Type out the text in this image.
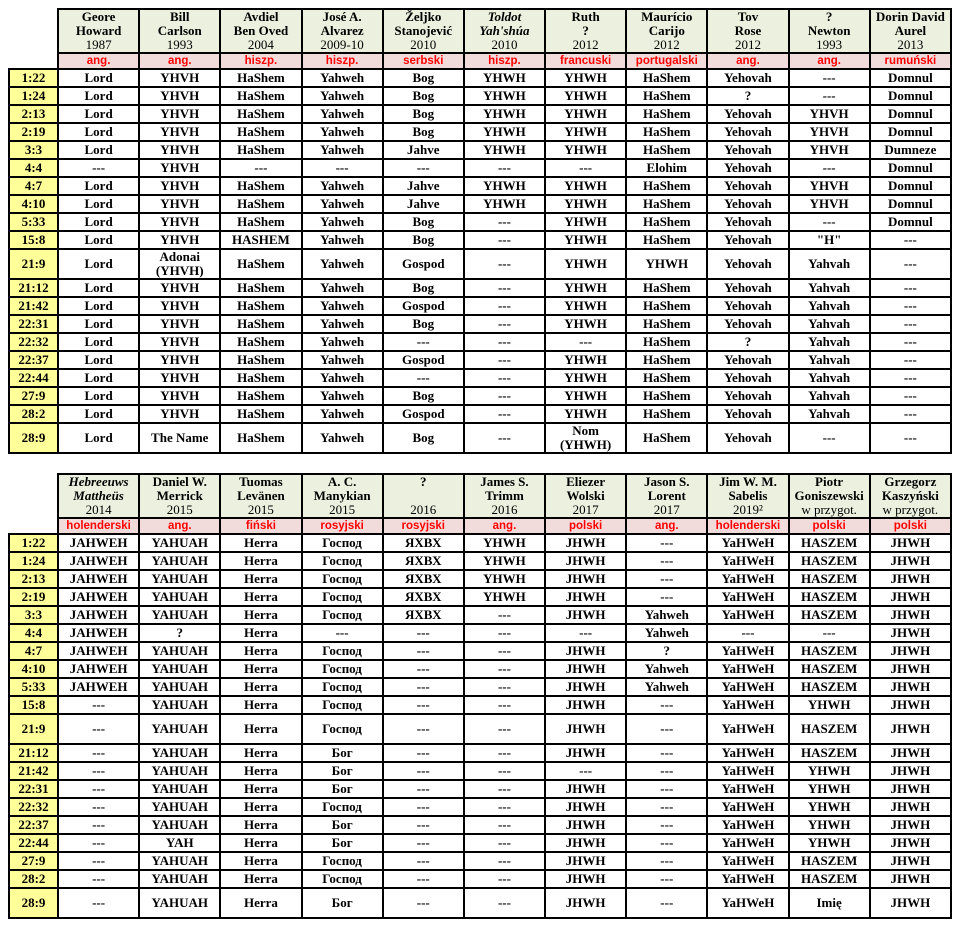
	Geore
Howard
1987	Bill
Carlson
1993	Avdiel
Ben Oved
2004	José A.
Alvarez
2009-10	Željko
Stanojević
2010	Toldot
Yah'shúa
2010	Ruth
?
2012	Maurício
Carijo
2012	Tov
Rose
2012	?
Newton
1993	Dorin David
Aurel
2013

	ang.	ang.	hiszp.	hiszp.	serbski	hiszp.	francuski	portugalski	ang.	ang.	rumuński
1:22	Lord	YHVH	HaShem	Yahweh	Bog	YHWH	YHWH	HaShem	Yehovah	---	Domnul
1:24	Lord	YHVH	HaShem	Yahweh	Bog	YHWH	YHWH	HaShem	?	---	Domnul
2:13	Lord	YHVH	HaShem	Yahweh	Bog	YHWH	YHWH	HaShem	Yehovah	YHVH	Domnul
2:19	Lord	YHVH	HaShem	Yahweh	Bog	YHWH	YHWH	HaShem	Yehovah	YHVH	Domnul
3:3	Lord	YHVH	HaShem	Yahweh	Jahve	YHWH	YHWH	HaShem	Yehovah	YHVH	Dumneze
4:4	---	YHVH	---	---	---	---	---	Elohim	Yehovah	---	Domnul
4:7	Lord	YHVH	HaShem	Yahweh	Jahve	YHWH	YHWH	HaShem	Yehovah	YHVH	Domnul
4:10	Lord	YHVH	HaShem	Yahweh	Jahve	YHWH	YHWH	HaShem	Yehovah	YHVH	Domnul
5:33	Lord	YHVH	HaShem	Yahweh	Bog	---	YHWH	HaShem	Yehovah	---	Domnul
15:8	Lord	YHVH	HASHEM	Yahweh	Bog	---	YHWH	HaShem	Yehovah	"H"	---
21:9	Lord	Adonai (YHVH)	HaShem	Yahweh	Gospod	---	YHWH	YHWH	Yehovah	Yahvah	---
21:12	Lord	YHVH	HaShem	Yahweh	Bog	---	YHWH	HaShem	Yehovah	Yahvah	---
21:42	Lord	YHVH	HaShem	Yahweh	Gospod	---	YHWH	HaShem	Yehovah	Yahvah	---
22:31	Lord	YHVH	HaShem	Yahweh	Bog	---	YHWH	HaShem	Yehovah	Yahvah	---
22:32	Lord	YHVH	HaShem	Yahweh	---	---	---	HaShem	?	Yahvah	---
22:37	Lord	YHVH	HaShem	Yahweh	Gospod	---	YHWH	HaShem	Yehovah	Yahvah	---
22:44	Lord	YHVH	HaShem	Yahweh	---	---	YHWH	HaShem	Yehovah	Yahvah	---
27:9	Lord	YHVH	HaShem	Yahweh	Bog	---	YHWH	HaShem	Yehovah	Yahvah	---
28:2	Lord	YHVH	HaShem	Yahweh	Gospod	---	YHWH	HaShem	Yehovah	Yahvah	---
28:9	Lord	The Name	HaShem	Yahweh	Bog	---	Nom (YHWH)	HaShem	Yehovah	---	---

	Hebreeuws
Mattheüs
2014	Daniel W.
Merrick
2015	Tuomas
Levänen
2015	A. C.
Manykian
2015	?
2016	James S.
Trimm
2016	Eliezer
Wolski
2017	Jason S.
Lorent
2017	Jim W. M.
Sabelis
2019²	Piotr
Goniszewski
w przygot.	Grzegorz
Kaszyński
w przygot.

	holenderski	ang.	fiński	rosyjski	rosyjski	ang.	polski	ang.	holenderski	polski	polski
1:22	JAHWEH	YAHUAH	Herra	Господ	ЯХВХ	YHWH	JHWH	---	YaHWeH	HASZEM	JHWH
1:24	JAHWEH	YAHUAH	Herra	Господ	ЯХВХ	YHWH	JHWH	---	YaHWeH	HASZEM	JHWH
2:13	JAHWEH	YAHUAH	Herra	Господ	ЯХВХ	YHWH	JHWH	---	YaHWeH	HASZEM	JHWH
2:19	JAHWEH	YAHUAH	Herra	Господ	ЯХВХ	YHWH	JHWH	---	YaHWeH	HASZEM	JHWH
3:3	JAHWEH	YAHUAH	Herra	Господ	ЯХВХ	---	JHWH	Yahweh	YaHWeH	HASZEM	JHWH
4:4	JAHWEH	?	Herra	---	---	---	---	Yahweh	---	---	JHWH
4:7	JAHWEH	YAHUAH	Herra	Господ	---	---	JHWH	?	YaHWeH	HASZEM	JHWH
4:10	JAHWEH	YAHUAH	Herra	Господ	---	---	JHWH	Yahweh	YaHWeH	HASZEM	JHWH
5:33	JAHWEH	YAHUAH	Herra	Господ	---	---	JHWH	Yahweh	YaHWeH	HASZEM	JHWH
15:8	---	YAHUAH	Herra	Господ	---	---	JHWH	---	YaHWeH	YHWH	JHWH
21:9	---	YAHUAH	Herra	Господ	---	---	JHWH	---	YaHWeH	HASZEM	JHWH
21:12	---	YAHUAH	Herra	Бог	---	---	JHWH	---	YaHWeH	HASZEM	JHWH
21:42	---	YAHUAH	Herra	Бог	---	---	---	---	YaHWeH	YHWH	JHWH
22:31	---	YAHUAH	Herra	Бог	---	---	JHWH	---	YaHWeH	YHWH	JHWH
22:32	---	YAHUAH	Herra	Господ	---	---	JHWH	---	YaHWeH	YHWH	JHWH
22:37	---	YAHUAH	Herra	Бог	---	---	JHWH	---	YaHWeH	YHWH	JHWH
22:44	---	YAH	Herra	Бог	---	---	JHWH	---	YaHWeH	YHWH	JHWH
27:9	---	YAHUAH	Herra	Господ	---	---	JHWH	---	YaHWeH	HASZEM	JHWH
28:2	---	YAHUAH	Herra	Господ	---	---	JHWH	---	YaHWeH	HASZEM	JHWH
28:9	---	YAHUAH	Herra	Бог	---	---	JHWH	---	YaHWeH	Imię	JHWH
